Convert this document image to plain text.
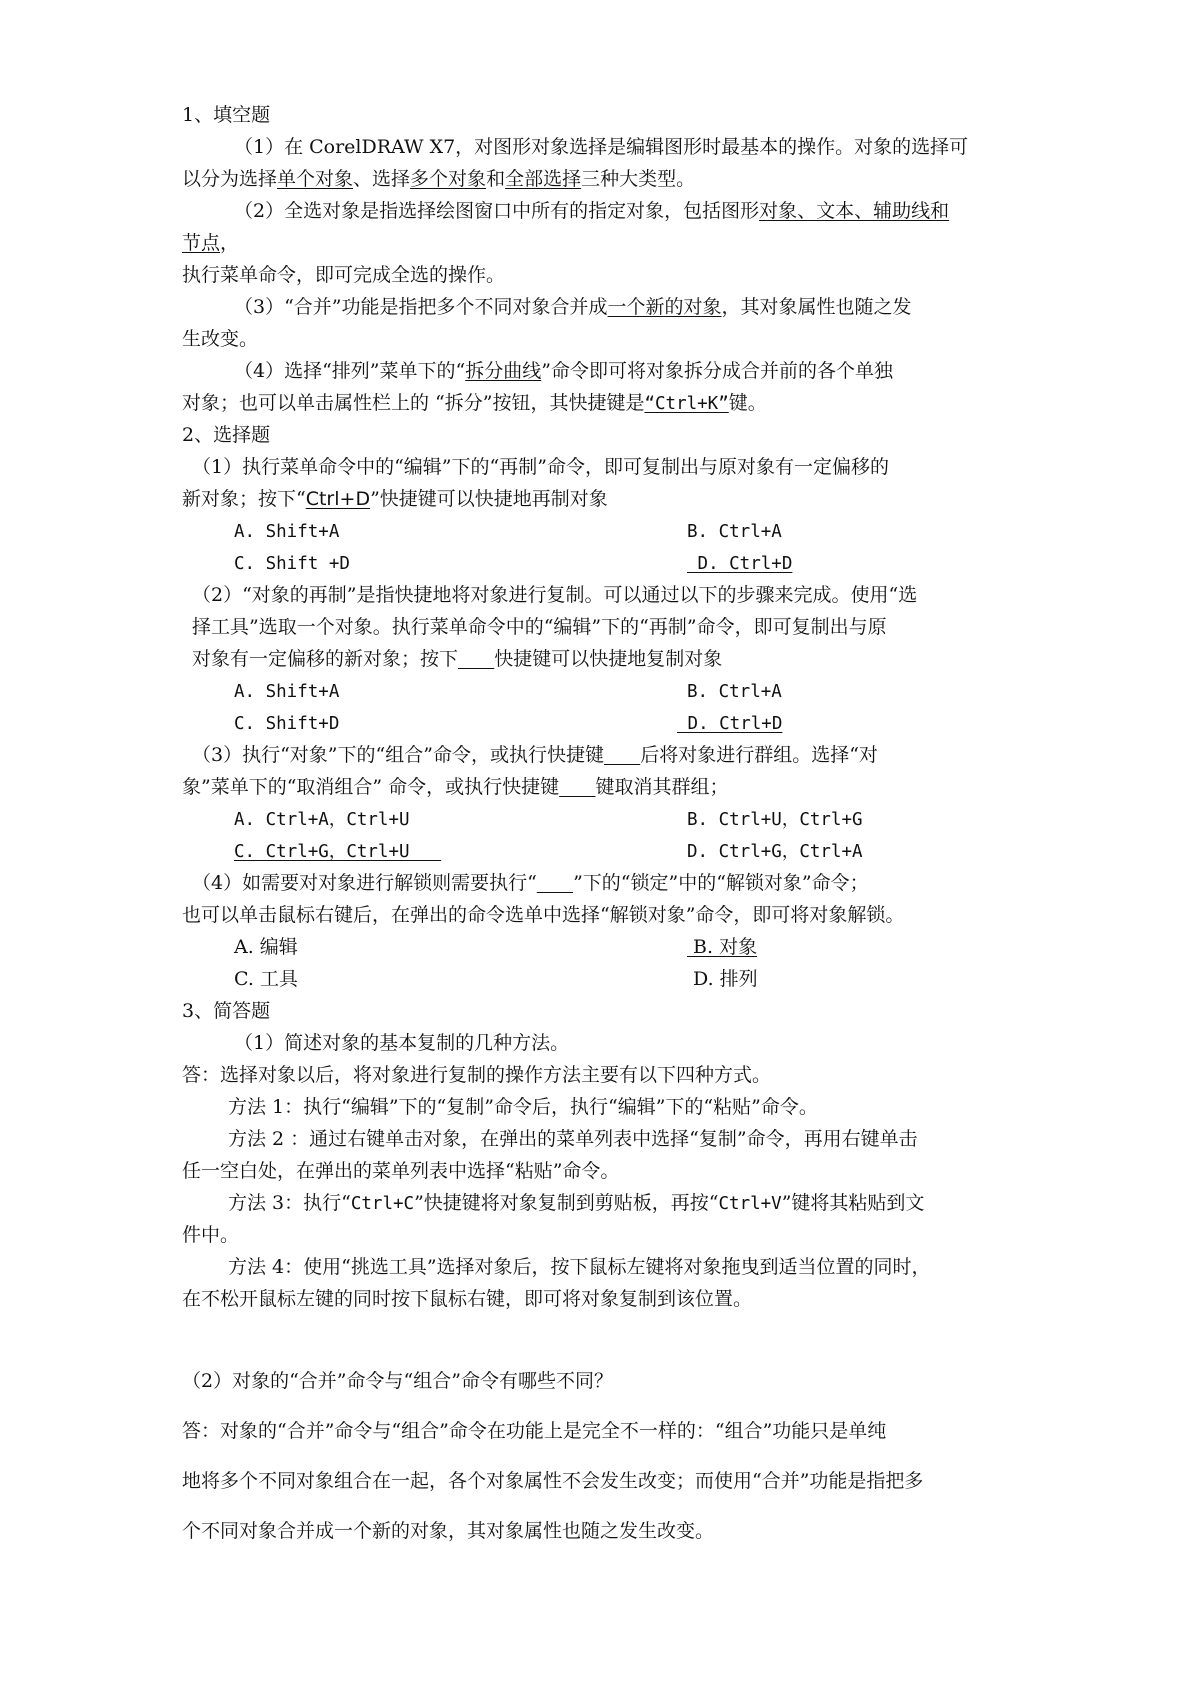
1、填空题
（1）在 CorelDRAW X7，对图形对象选择是编辑图形时最基本的操作。对象的选择可
以分为选择单个对象、选择多个对象和全部选择三种大类型。
（2）全选对象是指选择绘图窗口中所有的指定对象，包括图形对象、文本、辅助线和
节点，
执行菜单命令，即可完成全选的操作。
（3）“合并”功能是指把多个不同对象合并成一个新的对象，其对象属性也随之发
生改变。
（4）选择“排列”菜单下的“拆分曲线”命令即可将对象拆分成合并前的各个单独
对象；也可以单击属性栏上的 “拆分”按钮，其快捷键是“Ctrl+K”键。
2、选择题
（1）执行菜单命令中的“编辑”下的“再制”命令，即可复制出与原对象有一定偏移的
新对象；按下“Ctrl+D”快捷键可以快捷地再制对象
A. Shift+A	B. Ctrl+A
C. Shift +D	D. Ctrl+D
（2）“对象的再制”是指快捷地将对象进行复制。可以通过以下的步骤来完成。使用“选
择工具”选取一个对象。执行菜单命令中的“编辑”下的“再制”命令，即可复制出与原
对象有一定偏移的新对象；按下 快捷键可以快捷地复制对象
A. Shift+A	B. Ctrl+A
C. Shift+D	D. Ctrl+D
（3）执行“对象”下的“组合”命令，或执行快捷键 后将对象进行群组。选择“对
象”菜单下的“取消组合” 命令，或执行快捷键 键取消其群组；
A. Ctrl+A，Ctrl+U	B. Ctrl+U，Ctrl+G
C. Ctrl+G，Ctrl+U	D. Ctrl+G，Ctrl+A
（4）如需要对对象进行解锁则需要执行“ ”下的“锁定”中的“解锁对象”命令；
也可以单击鼠标右键后，在弹出的命令选单中选择“解锁对象”命令，即可将对象解锁。
A. 编辑	B. 对象
C. 工具	D. 排列
3、简答题
（1）简述对象的基本复制的几种方法。
答：选择对象以后，将对象进行复制的操作方法主要有以下四种方式。
方法 1：执行“编辑”下的“复制”命令后，执行“编辑”下的“粘贴”命令。
方法 2 ：通过右键单击对象，在弹出的菜单列表中选择“复制”命令，再用右键单击
任一空白处，在弹出的菜单列表中选择“粘贴”命令。
方法 3：执行“Ctrl+C”快捷键将对象复制到剪贴板，再按“Ctrl+V”键将其粘贴到文
件中。
方法 4：使用“挑选工具”选择对象后，按下鼠标左键将对象拖曳到适当位置的同时，
在不松开鼠标左键的同时按下鼠标右键，即可将对象复制到该位置。
（2）对象的“合并”命令与“组合”命令有哪些不同？
答：对象的“合并”命令与“组合”命令在功能上是完全不一样的：“组合”功能只是单纯
地将多个不同对象组合在一起，各个对象属性不会发生改变；而使用“合并”功能是指把多
个不同对象合并成一个新的对象，其对象属性也随之发生改变。
